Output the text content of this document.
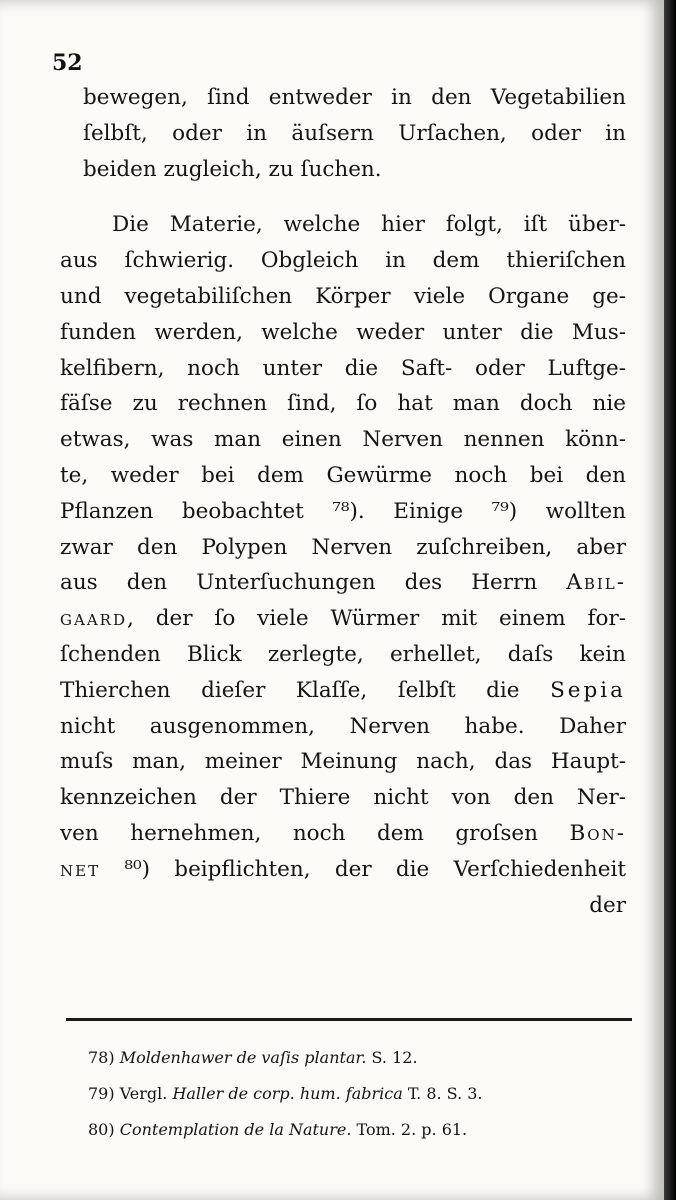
52
bewegen, ſind entweder in den Vegetabilien
ſelbſt, oder in äuſsern Urſachen, oder in
beiden zugleich, zu ſuchen.
Die Materie, welche hier folgt, iſt über-
aus ſchwierig. Obgleich in dem thieriſchen
und vegetabiliſchen Körper viele Organe ge-
funden werden, welche weder unter die Mus-
kelfibern, noch unter die Saft- oder Luftge-
fäſse zu rechnen ſind, ſo hat man doch nie
etwas, was man einen Nerven nennen könn-
te, weder bei dem Gewürme noch bei den
Pflanzen beobachtet ⁷⁸). Einige ⁷⁹) wollten
zwar den Polypen Nerven zuſchreiben, aber
aus den Unterſuchungen des Herrn Abil-
gaard, der ſo viele Würmer mit einem for-
ſchenden Blick zerlegte, erhellet, daſs kein
Thierchen dieſer Klaſſe, ſelbſt die Sepia
nicht ausgenommen, Nerven habe. Daher
muſs man, meiner Meinung nach, das Haupt-
kennzeichen der Thiere nicht von den Ner-
ven hernehmen, noch dem groſsen Bon-
net ⁸⁰) beipflichten, der die Verſchiedenheit
der
78) Moldenhawer de vaſis plantar. S. 12.
79) Vergl. Haller de corp. hum. fabrica T. 8. S. 3.
80) Contemplation de la Nature. Tom. 2. p. 61.
